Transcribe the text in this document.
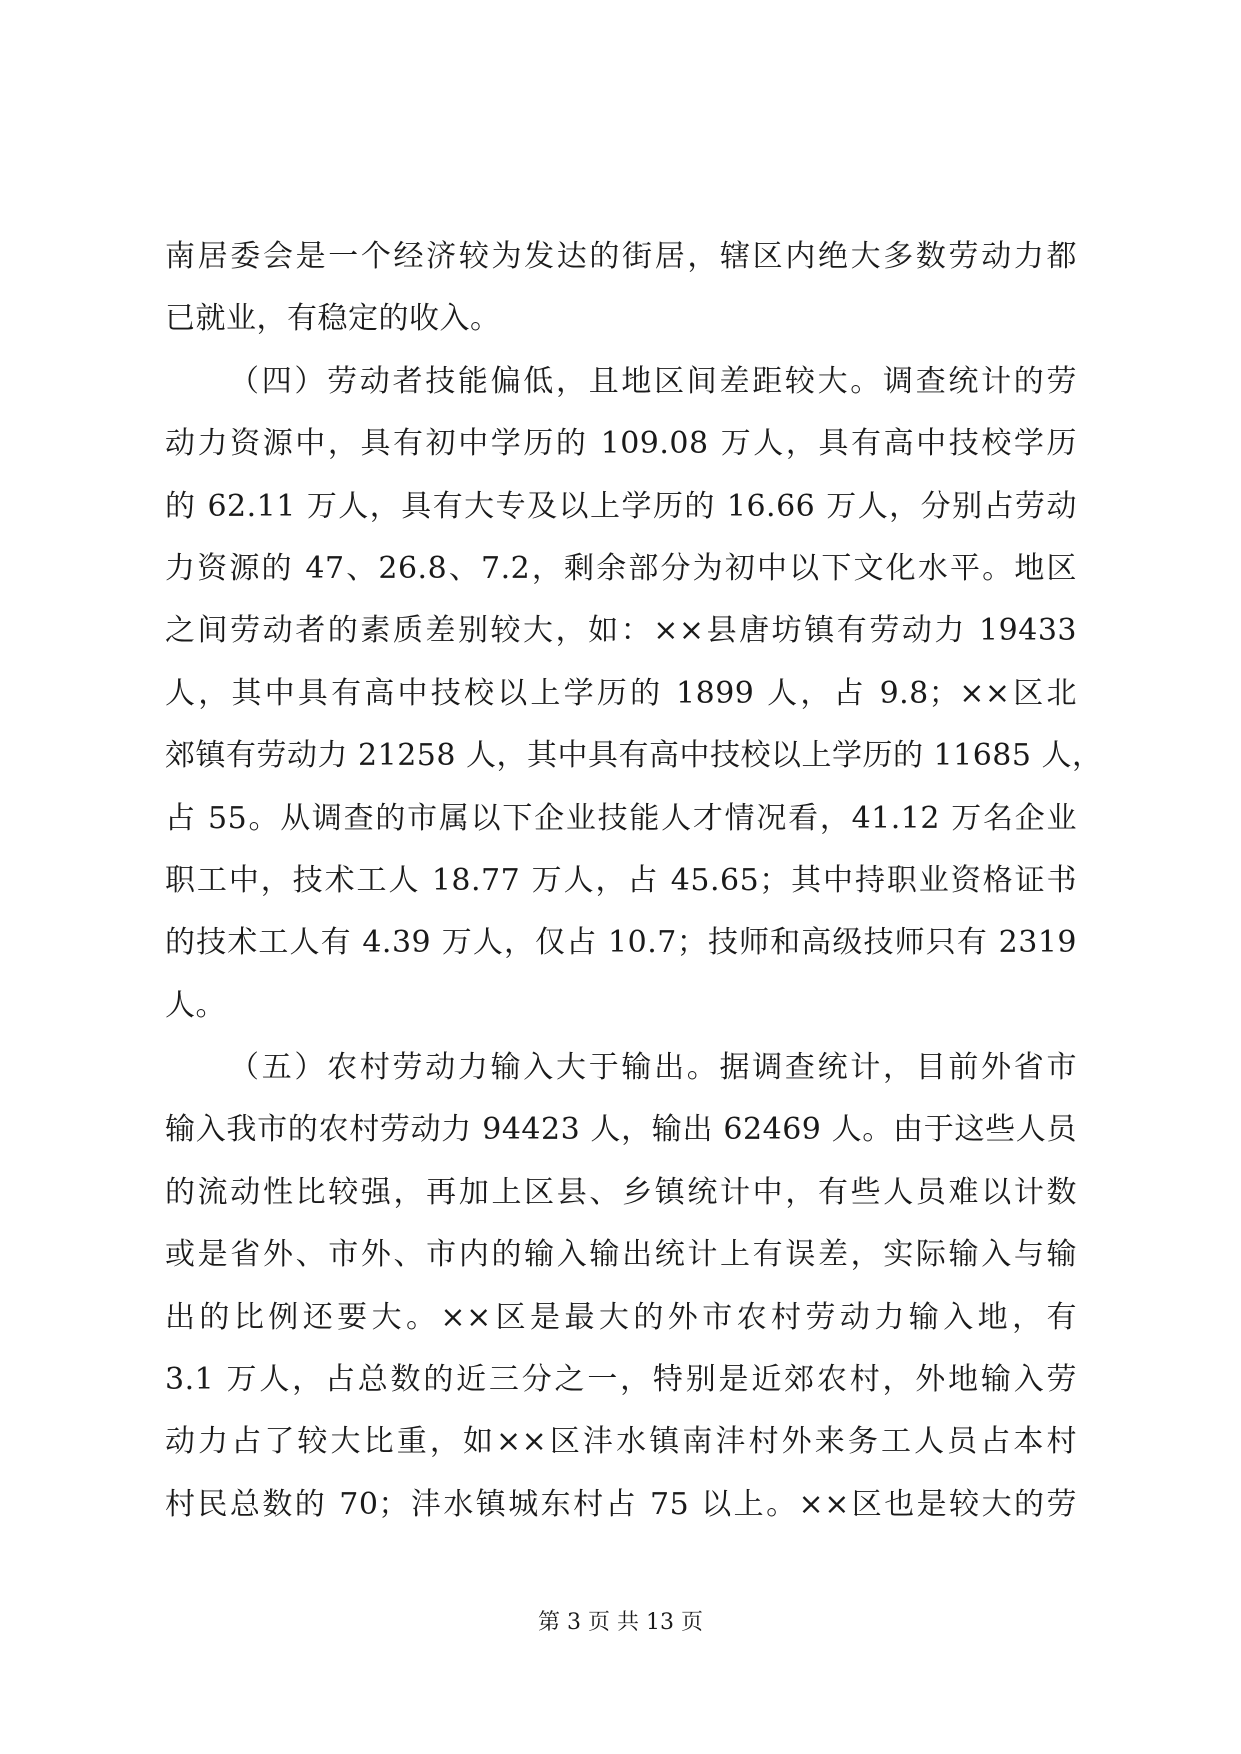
南居委会是一个经济较为发达的街居，辖区内绝大多数劳动力都
已就业，有稳定的收入。
（四）劳动者技能偏低，且地区间差距较大。调查统计的劳
动力资源中，具有初中学历的 109.08 万人，具有高中技校学历
的 62.11 万人，具有大专及以上学历的 16.66 万人，分别占劳动
力资源的 47、26.8、7.2，剩余部分为初中以下文化水平。地区
之间劳动者的素质差别较大，如：××县唐坊镇有劳动力 19433
人，其中具有高中技校以上学历的 1899 人，占 9.8；××区北
郊镇有劳动力 21258 人，其中具有高中技校以上学历的 11685 人，
占 55。从调查的市属以下企业技能人才情况看，41.12 万名企业
职工中，技术工人 18.77 万人，占 45.65；其中持职业资格证书
的技术工人有 4.39 万人，仅占 10.7；技师和高级技师只有 2319
人。
（五）农村劳动力输入大于输出。据调查统计，目前外省市
输入我市的农村劳动力 94423 人，输出 62469 人。由于这些人员
的流动性比较强，再加上区县、乡镇统计中，有些人员难以计数
或是省外、市外、市内的输入输出统计上有误差，实际输入与输
出的比例还要大。××区是最大的外市农村劳动力输入地，有
3.1 万人，占总数的近三分之一，特别是近郊农村，外地输入劳
动力占了较大比重，如××区沣水镇南沣村外来务工人员占本村
村民总数的 70；沣水镇城东村占 75 以上。××区也是较大的劳
第 3 页 共 13 页
